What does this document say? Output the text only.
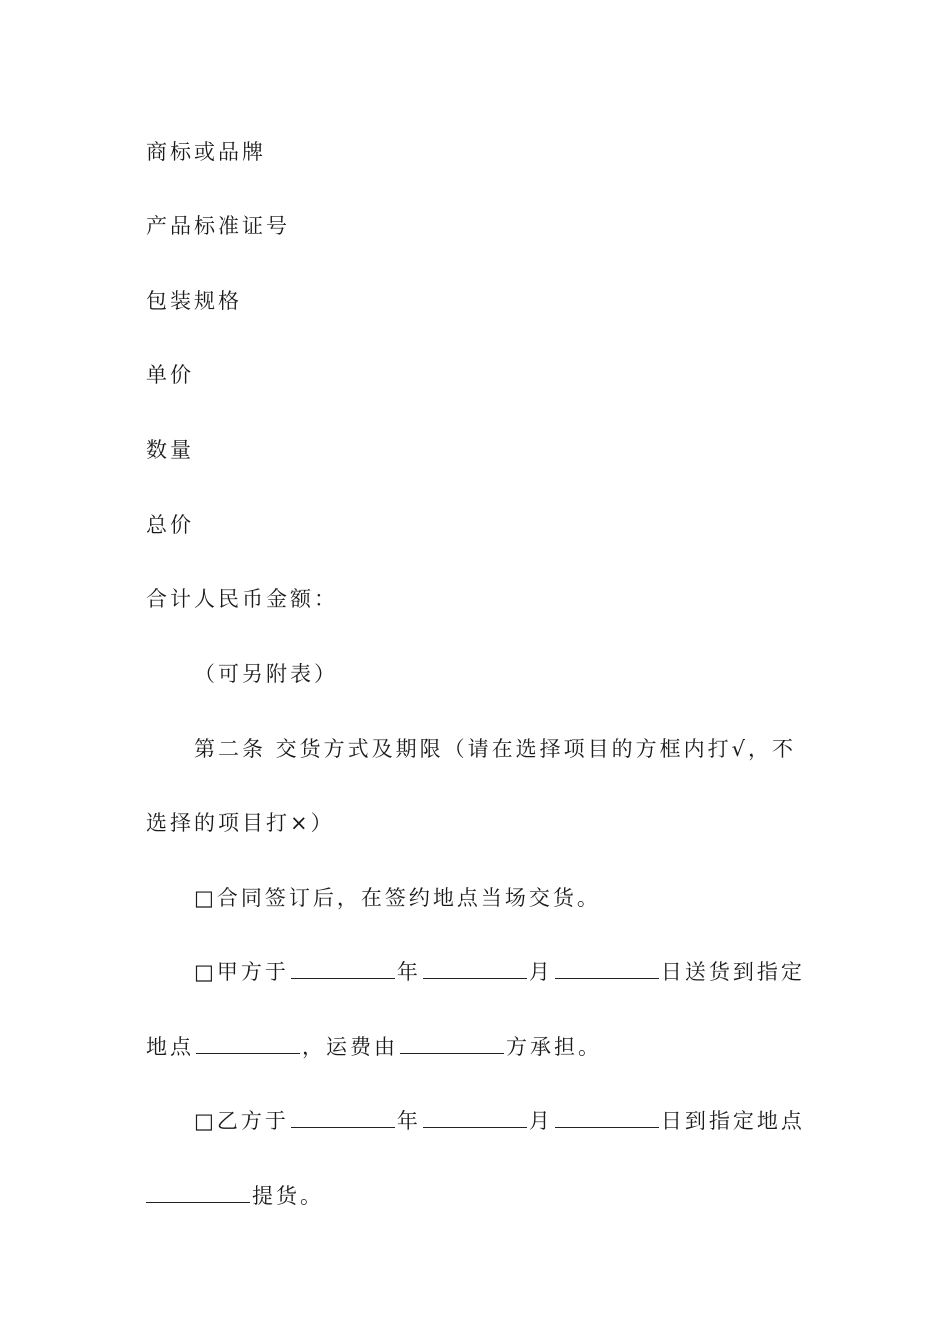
商标或品牌
产品标准证号
包装规格
单价
数量
总价
合计人民币金额：
（可另附表）
第二条 交货方式及期限（请在选择项目的方框内打√，不
选择的项目打×）
□合同签订后，在签约地点当场交货。
□甲方于	年	月	日送货到指定
地点	，运费由	方承担。
□乙方于	年	月	日到指定地点
提货。
